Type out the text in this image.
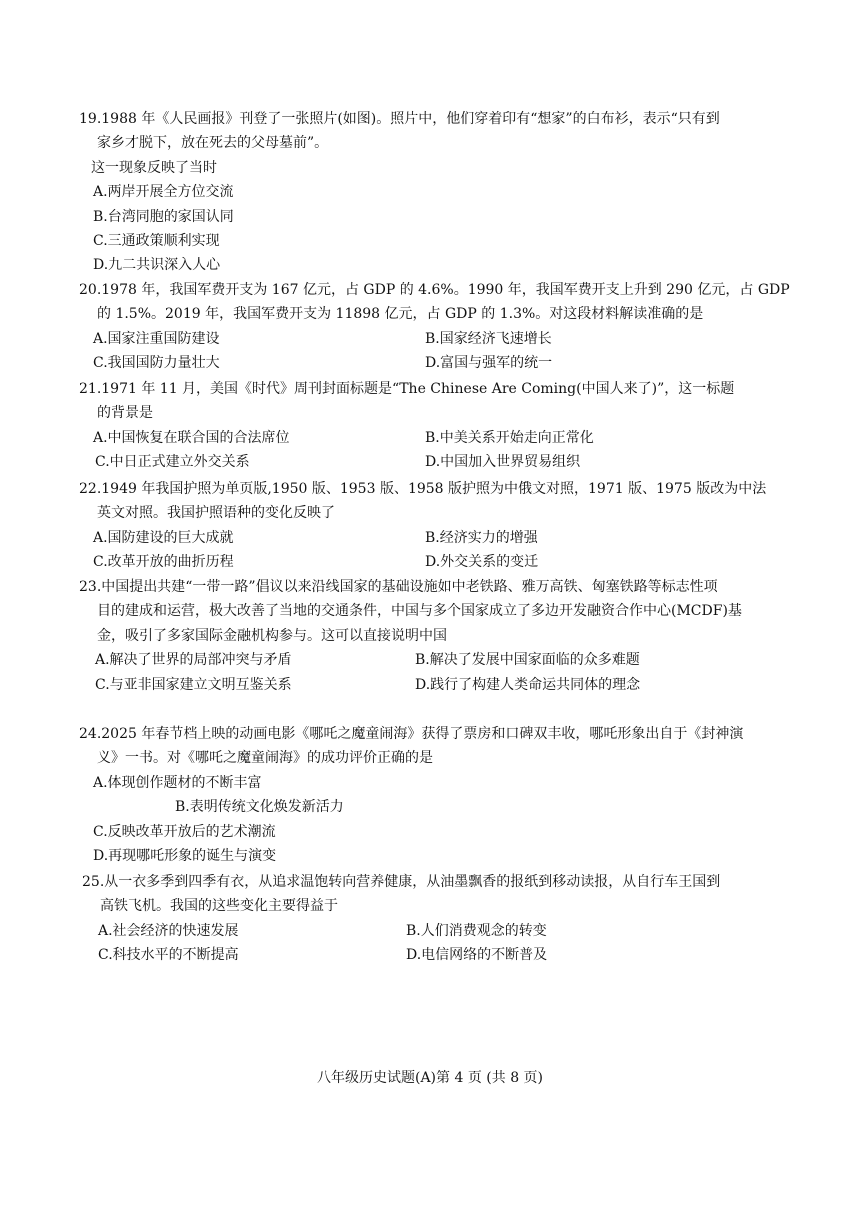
19.1988 年《人民画报》刊登了一张照片(如图)。照片中，他们穿着印有“想家”的白布衫，表示“只有到
家乡才脱下，放在死去的父母墓前”。
这一现象反映了当时
A.两岸开展全方位交流
B.台湾同胞的家国认同
C.三通政策顺利实现
D.九二共识深入人心
20.1978 年，我国军费开支为 167 亿元，占 GDP 的 4.6%。1990 年，我国军费开支上升到 290 亿元，占 GDP
的 1.5%。2019 年，我国军费开支为 11898 亿元，占 GDP 的 1.3%。对这段材料解读准确的是
A.国家注重国防建设	B.国家经济飞速增长
C.我国国防力量壮大	D.富国与强军的统一
21.1971 年 11 月，美国《时代》周刊封面标题是“The Chinese Are Coming(中国人来了)”，这一标题
的背景是
A.中国恢复在联合国的合法席位	B.中美关系开始走向正常化
C.中日正式建立外交关系	D.中国加入世界贸易组织
22.1949 年我国护照为单页版,1950 版、1953 版、1958 版护照为中俄文对照，1971 版、1975 版改为中法
英文对照。我国护照语种的变化反映了
A.国防建设的巨大成就	B.经济实力的增强
C.改革开放的曲折历程	D.外交关系的变迁
23.中国提出共建“一带一路”倡议以来沿线国家的基础设施如中老铁路、雅万高铁、匈塞铁路等标志性项
目的建成和运营，极大改善了当地的交通条件，中国与多个国家成立了多边开发融资合作中心(MCDF)基
金，吸引了多家国际金融机构参与。这可以直接说明中国
A.解决了世界的局部冲突与矛盾	B.解决了发展中国家面临的众多难题
C.与亚非国家建立文明互鉴关系	D.践行了构建人类命运共同体的理念
24.2025 年春节档上映的动画电影《哪吒之魔童闹海》获得了票房和口碑双丰收，哪吒形象出自于《封神演
义》一书。对《哪吒之魔童闹海》的成功评价正确的是
A.体现创作题材的不断丰富
B.表明传统文化焕发新活力
C.反映改革开放后的艺术潮流
D.再现哪吒形象的诞生与演变
25.从一衣多季到四季有衣，从追求温饱转向营养健康，从油墨飘香的报纸到移动读报，从自行车王国到
高铁飞机。我国的这些变化主要得益于
A.社会经济的快速发展	B.人们消费观念的转变
C.科技水平的不断提高	D.电信网络的不断普及
八年级历史试题(A)第 4 页 (共 8 页)
